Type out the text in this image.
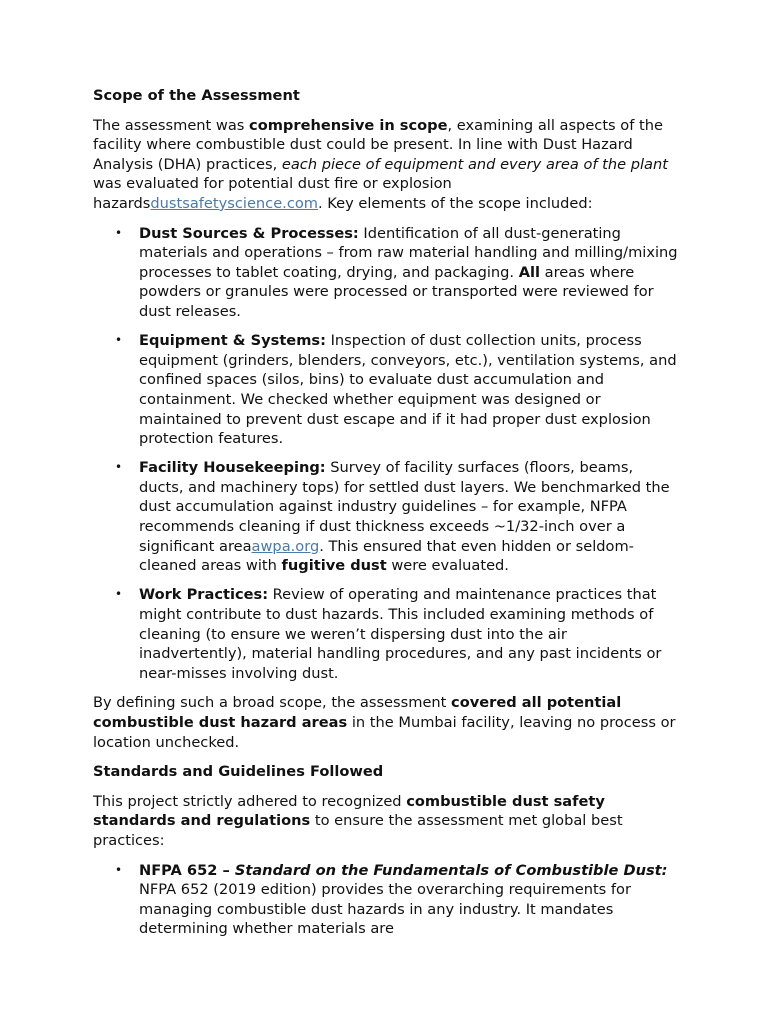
Scope of the Assessment

The assessment was comprehensive in scope, examining all aspects of the facility where combustible dust could be present. In line with Dust Hazard Analysis (DHA) practices, each piece of equipment and every area of the plant was evaluated for potential dust fire or explosion hazardsdustsafetyscience.com. Key elements of the scope included:

• Dust Sources & Processes: Identification of all dust-generating materials and operations – from raw material handling and milling/mixing processes to tablet coating, drying, and packaging. All areas where powders or granules were processed or transported were reviewed for dust releases.
• Equipment & Systems: Inspection of dust collection units, process equipment (grinders, blenders, conveyors, etc.), ventilation systems, and confined spaces (silos, bins) to evaluate dust accumulation and containment. We checked whether equipment was designed or maintained to prevent dust escape and if it had proper dust explosion protection features.
• Facility Housekeeping: Survey of facility surfaces (floors, beams, ducts, and machinery tops) for settled dust layers. We benchmarked the dust accumulation against industry guidelines – for example, NFPA recommends cleaning if dust thickness exceeds ~1/32-inch over a significant areaawpa.org. This ensured that even hidden or seldom-cleaned areas with fugitive dust were evaluated.
• Work Practices: Review of operating and maintenance practices that might contribute to dust hazards. This included examining methods of cleaning (to ensure we weren’t dispersing dust into the air inadvertently), material handling procedures, and any past incidents or near-misses involving dust.

By defining such a broad scope, the assessment covered all potential combustible dust hazard areas in the Mumbai facility, leaving no process or location unchecked.

Standards and Guidelines Followed

This project strictly adhered to recognized combustible dust safety standards and regulations to ensure the assessment met global best practices:

• NFPA 652 – Standard on the Fundamentals of Combustible Dust: NFPA 652 (2019 edition) provides the overarching requirements for managing combustible dust hazards in any industry. It mandates determining whether materials are
